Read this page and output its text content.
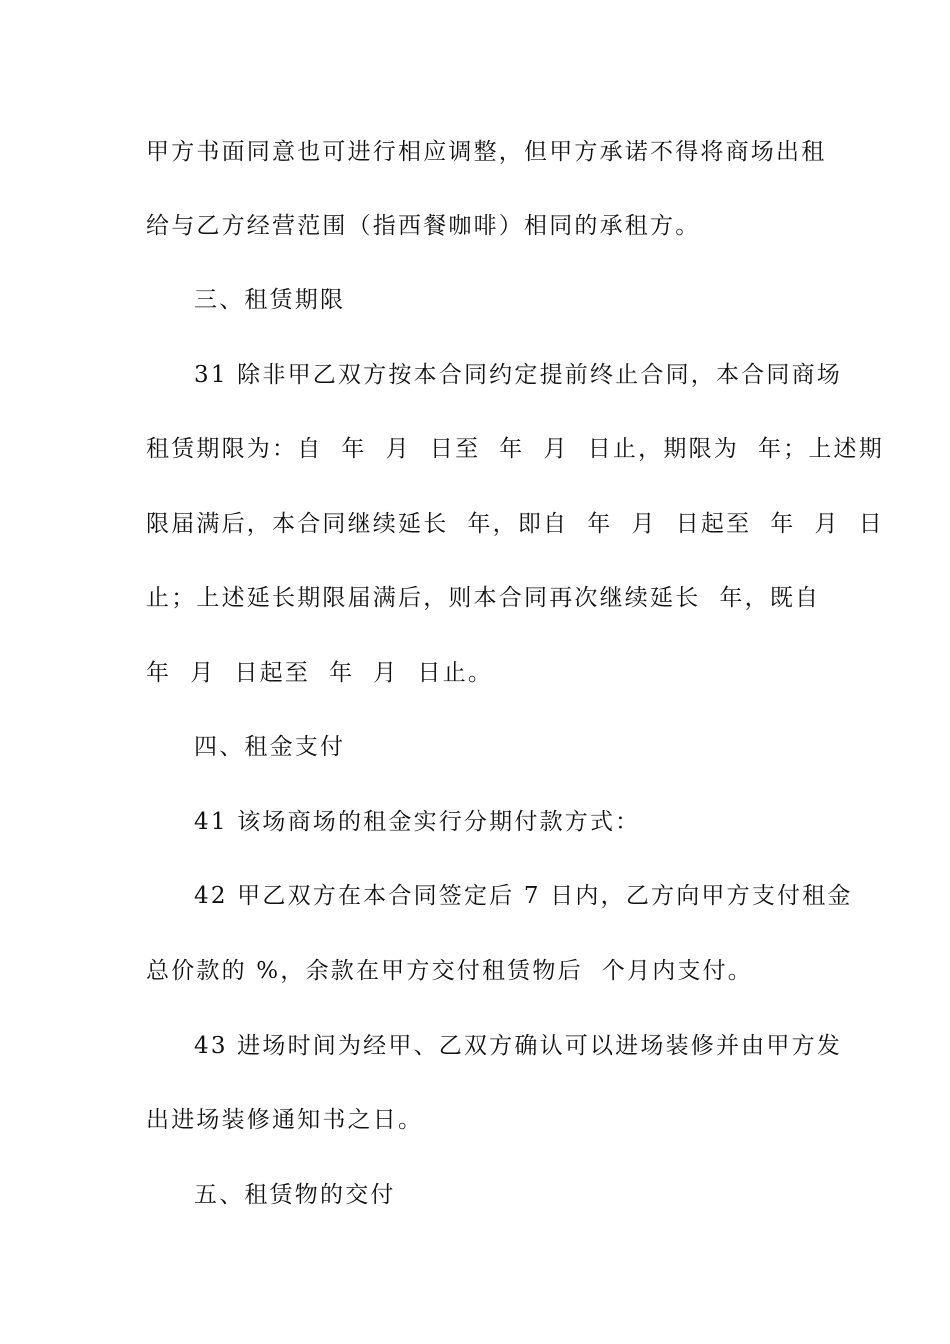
甲方书面同意也可进行相应调整，但甲方承诺不得将商场出租
给与乙方经营范围（指西餐咖啡）相同的承租方。
三、租赁期限
31 除非甲乙双方按本合同约定提前终止合同，本合同商场
租赁期限为：自  年  月  日至  年  月  日止，期限为  年；上述期
限届满后，本合同继续延长  年，即自  年  月  日起至  年  月  日
止；上述延长期限届满后，则本合同再次继续延长  年，既自
年  月  日起至  年  月  日止。
四、租金支付
41 该场商场的租金实行分期付款方式：
42 甲乙双方在本合同签定后 7 日内，乙方向甲方支付租金
总价款的 %，余款在甲方交付租赁物后  个月内支付。
43 进场时间为经甲、乙双方确认可以进场装修并由甲方发
出进场装修通知书之日。
五、租赁物的交付
